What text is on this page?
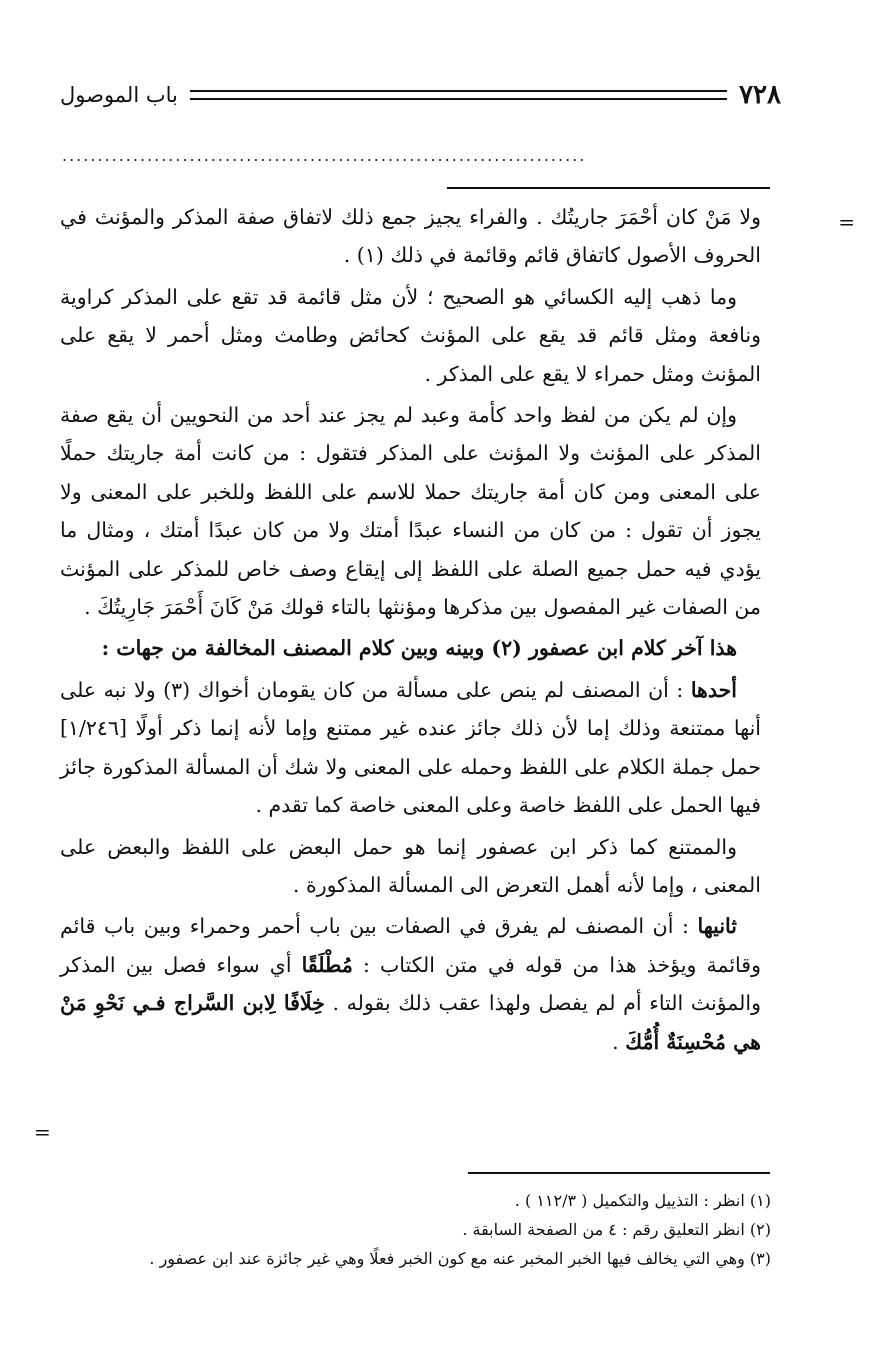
٧٢٨
باب الموصول
..........................................................................
=
=

ولا مَنْ كان أحْمَرَ جاريتُك . والفراء يجيز جمع ذلك لاتفاق صفة المذكر والمؤنث في الحروف الأصول كاتفاق قائم وقائمة في ذلك (١) .

وما ذهب إليه الكسائي هو الصحيح ؛ لأن مثل قائمة قد تقع على المذكر كراوية ونافعة ومثل قائم قد يقع على المؤنث كحائض وطامث ومثل أحمر لا يقع على المؤنث ومثل حمراء لا يقع على المذكر .

وإن لم يكن من لفظ واحد كأمة وعبد لم يجز عند أحد من النحويين أن يقع صفة المذكر على المؤنث ولا المؤنث على المذكر فتقول : من كانت أمة جاريتك حملًا على المعنى ومن كان أمة جاريتك حملا للاسم على اللفظ وللخبر على المعنى ولا يجوز أن تقول : من كان من النساء عبدًا أمتك ولا من كان عبدًا أمتك ، ومثال ما يؤدي فيه حمل جميع الصلة على اللفظ إلى إيقاع وصف خاص للمذكر على المؤنث من الصفات غير المفصول بين مذكرها ومؤنثها بالتاء قولك مَنْ كَانَ أَحْمَرَ جَارِيتُكَ .

هذا آخر كلام ابن عصفور (٢) وبينه وبين كلام المصنف المخالفة من جهات :

أحدها : أن المصنف لم ينص على مسألة من كان يقومان أخواك (٣) ولا نبه على أنها ممتنعة وذلك إما لأن ذلك جائز عنده غير ممتنع وإما لأنه إنما ذكر أولًا [١/٢٤٦] حمل جملة الكلام على اللفظ وحمله على المعنى ولا شك أن المسألة المذكورة جائز فيها الحمل على اللفظ خاصة وعلى المعنى خاصة كما تقدم .

والممتنع كما ذكر ابن عصفور إنما هو حمل البعض على اللفظ والبعض على المعنى ، وإما لأنه أهمل التعرض الى المسألة المذكورة .

ثانيها : أن المصنف لم يفرق في الصفات بين باب أحمر وحمراء وبين باب قائم وقائمة ويؤخذ هذا من قوله في متن الكتاب : مُطْلَقًا أي سواء فصل بين المذكر والمؤنث التاء أم لم يفصل ولهذا عقب ذلك بقوله . خِلَافًا لِابن السَّراج فـي نَحْوِ مَنْ هي مُحْسِنَةٌ أُمُّكَ .

(١) انظر : التذييل والتكميل ( ١١٢/٣ ) .
(٢) انظر التعليق رقم : ٤ من الصفحة السابقة .
(٣) وهي التي يخالف فيها الخبر المخبر عنه مع كون الخبر فعلًا وهي غير جائزة عند ابن عصفور .
